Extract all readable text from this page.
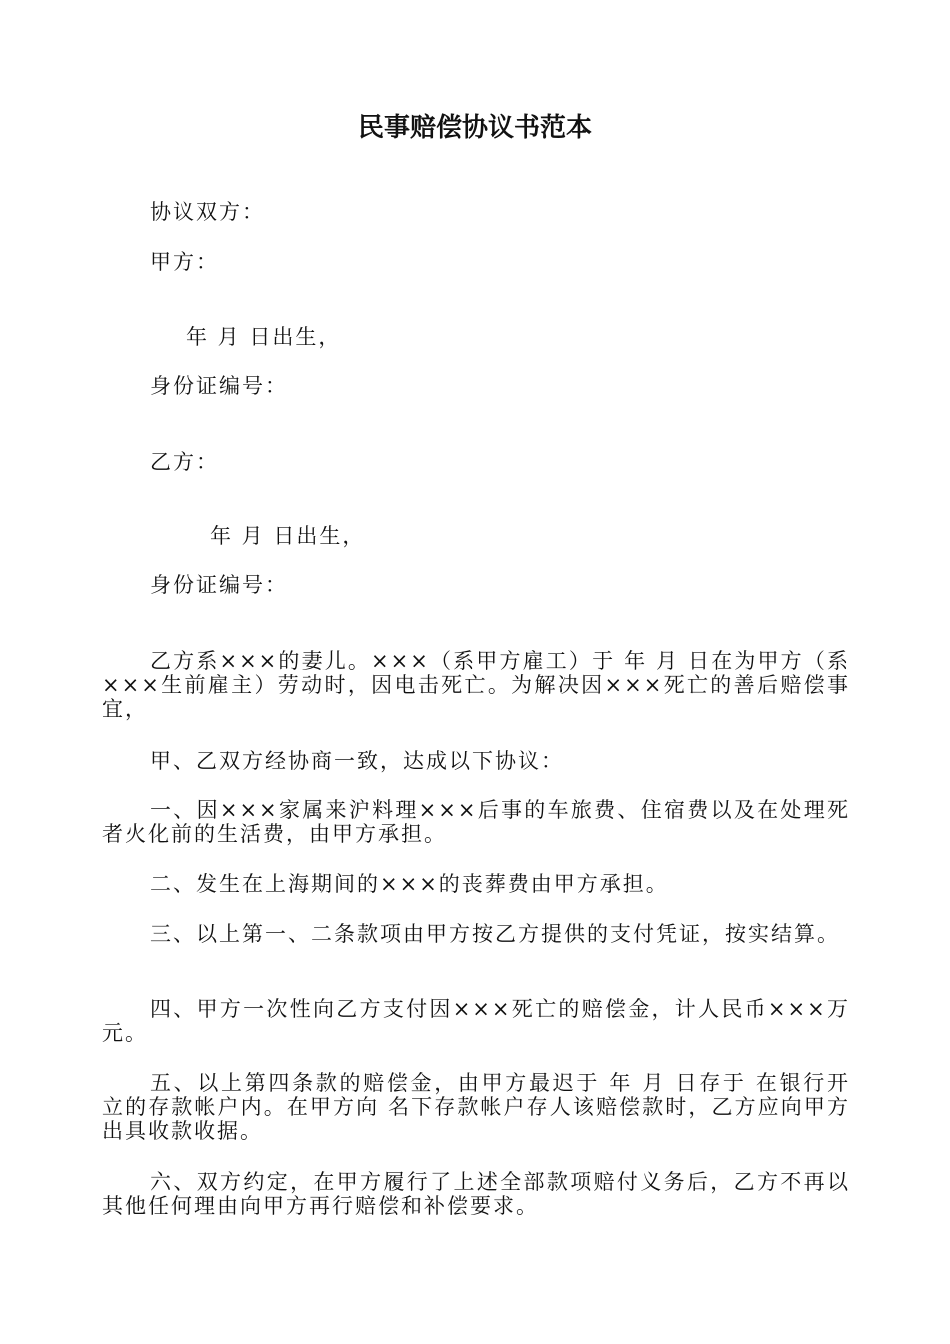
民事赔偿协议书范本
协议双方：
甲方：
年 月 日出生，
身份证编号：
乙方：
年 月 日出生，
身份证编号：
乙方系×××的妻儿。×××（系甲方雇工）于 年 月 日在为甲方（系×××生前雇主）劳动时，因电击死亡。为解决因×××死亡的善后赔偿事宜，
甲、乙双方经协商一致，达成以下协议：
一、因×××家属来沪料理×××后事的车旅费、住宿费以及在处理死者火化前的生活费，由甲方承担。
二、发生在上海期间的×××的丧葬费由甲方承担。
三、以上第一、二条款项由甲方按乙方提供的支付凭证，按实结算。
四、甲方一次性向乙方支付因×××死亡的赔偿金，计人民币×××万元。
五、以上第四条款的赔偿金，由甲方最迟于 年 月 日存于 在银行开立的存款帐户内。在甲方向 名下存款帐户存人该赔偿款时，乙方应向甲方出具收款收据。
六、双方约定，在甲方履行了上述全部款项赔付义务后，乙方不再以其他任何理由向甲方再行赔偿和补偿要求。
